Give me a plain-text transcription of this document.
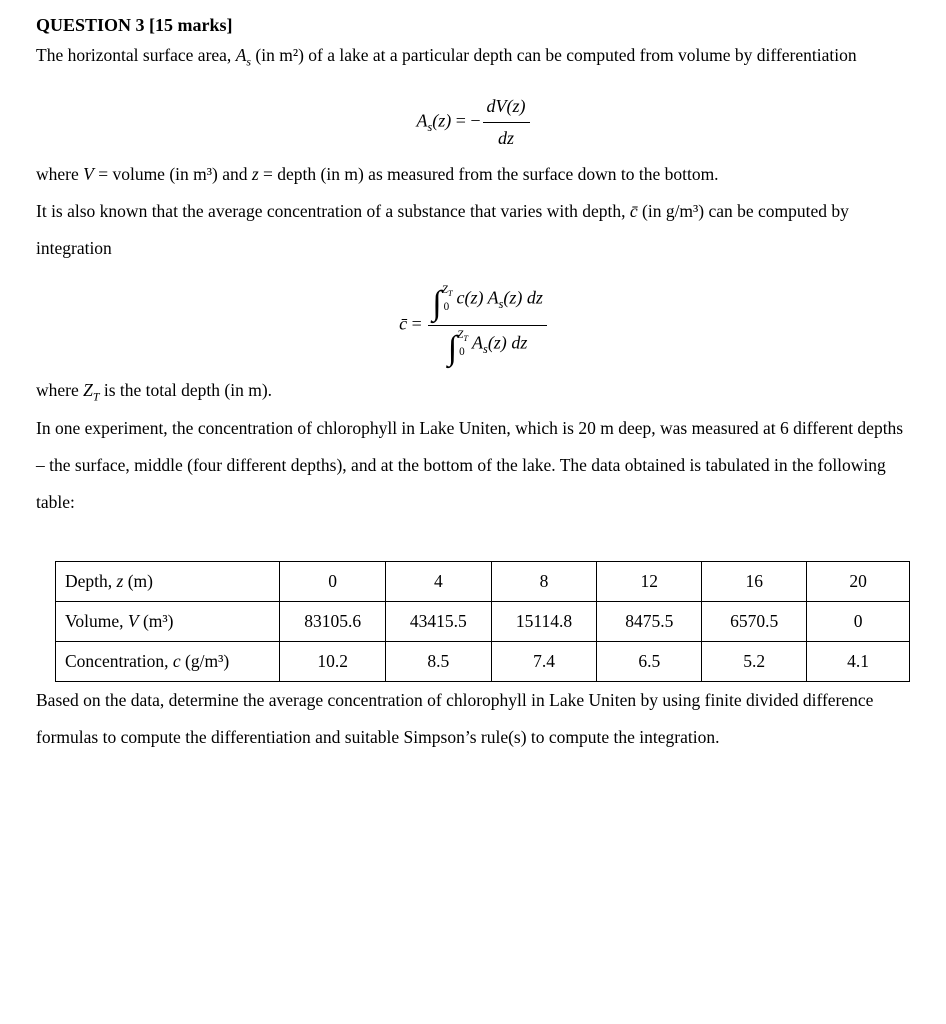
QUESTION 3 [15 marks]

The horizontal surface area, $A_s$ (in m²) of a lake at a particular depth can be computed from volume by differentiation

$A_s(z)$ = − $\frac{dV(z)}{dz}$

where V = volume (in m³) and z = depth (in m) as measured from the surface down to the bottom.

It is also known that the average concentration of a substance that varies with depth, c̄ (in g/m³) can be computed by integration

c̄ = ∫ $Z_T$
0 c(z) $A_s(z)$ dz
∫ $Z_T$
0 $A_s(z)$ dz

where $Z_T$ is the total depth (in m).

In one experiment, the concentration of chlorophyll in Lake Uniten, which is 20 m deep, was measured at 6 different depths – the surface, middle (four different depths), and at the bottom of the lake. The data obtained is tabulated in the following table:

Depth, z (m)	0	4	8	12	16	20
Volume, V (m³)	83105.6	43415.5	15114.8	8475.5	6570.5	0
Concentration, c (g/m³)	10.2	8.5	7.4	6.5	5.2	4.1

Based on the data, determine the average concentration of chlorophyll in Lake Uniten by using finite divided difference formulas to compute the differentiation and suitable Simpson’s rule(s) to compute the integration.
